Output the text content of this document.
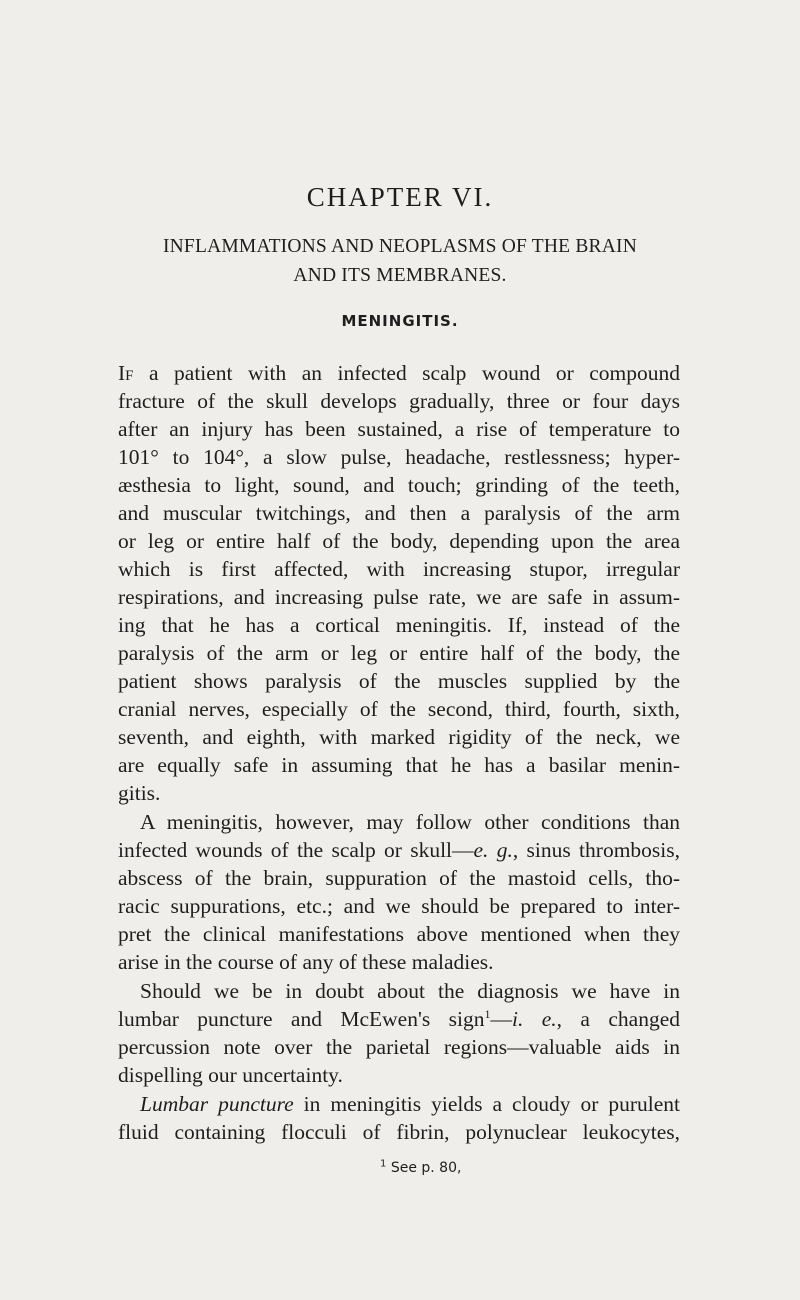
CHAPTER VI.
INFLAMMATIONS AND NEOPLASMS OF THE BRAIN
AND ITS MEMBRANES.
MENINGITIS.
If a patient with an infected scalp wound or compound
fracture of the skull develops gradually, three or four days
after an injury has been sustained, a rise of temperature to
101° to 104°, a slow pulse, headache, restlessness; hyper-
æsthesia to light, sound, and touch; grinding of the teeth,
and muscular twitchings, and then a paralysis of the arm
or leg or entire half of the body, depending upon the area
which is first affected, with increasing stupor, irregular
respirations, and increasing pulse rate, we are safe in assum-
ing that he has a cortical meningitis. If, instead of the
paralysis of the arm or leg or entire half of the body, the
patient shows paralysis of the muscles supplied by the
cranial nerves, especially of the second, third, fourth, sixth,
seventh, and eighth, with marked rigidity of the neck, we
are equally safe in assuming that he has a basilar menin-
gitis.
A meningitis, however, may follow other conditions than
infected wounds of the scalp or skull—e. g., sinus thrombosis,
abscess of the brain, suppuration of the mastoid cells, tho-
racic suppurations, etc.; and we should be prepared to inter-
pret the clinical manifestations above mentioned when they
arise in the course of any of these maladies.
Should we be in doubt about the diagnosis we have in
lumbar puncture and McEwen's sign$^1$—i. e., a changed
percussion note over the parietal regions—valuable aids in
dispelling our uncertainty.
Lumbar puncture in meningitis yields a cloudy or purulent
fluid containing flocculi of fibrin, polynuclear leukocytes,
$^1$ See p. 80,
